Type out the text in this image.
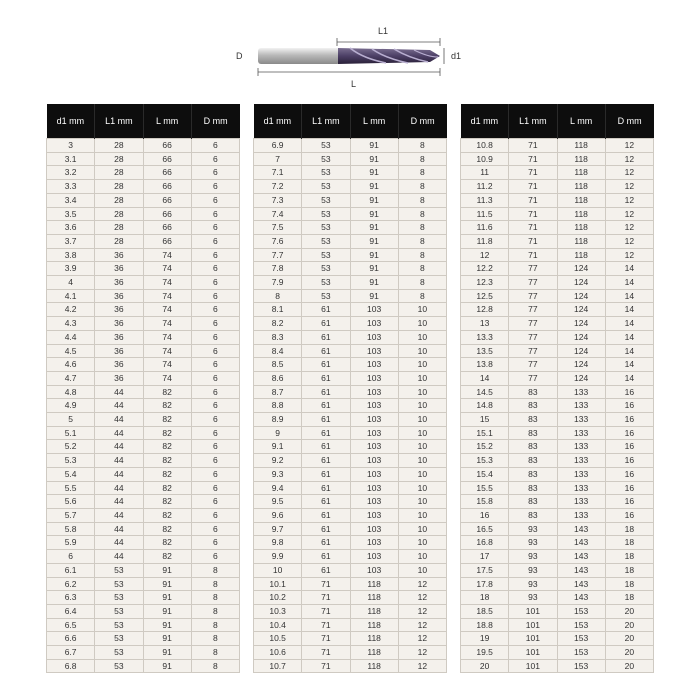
L1
D	d1
L
d1 mm	L1 mm	L mm	D mm
3	28	66	6
3.1	28	66	6
3.2	28	66	6
3.3	28	66	6
3.4	28	66	6
3.5	28	66	6
3.6	28	66	6
3.7	28	66	6
3.8	36	74	6
3.9	36	74	6
4	36	74	6
4.1	36	74	6
4.2	36	74	6
4.3	36	74	6
4.4	36	74	6
4.5	36	74	6
4.6	36	74	6
4.7	36	74	6
4.8	44	82	6
4.9	44	82	6
5	44	82	6
5.1	44	82	6
5.2	44	82	6
5.3	44	82	6
5.4	44	82	6
5.5	44	82	6
5.6	44	82	6
5.7	44	82	6
5.8	44	82	6
5.9	44	82	6
6	44	82	6
6.1	53	91	8
6.2	53	91	8
6.3	53	91	8
6.4	53	91	8
6.5	53	91	8
6.6	53	91	8
6.7	53	91	8
6.8	53	91	8
d1 mm	L1 mm	L mm	D mm
6.9	53	91	8
7	53	91	8
7.1	53	91	8
7.2	53	91	8
7.3	53	91	8
7.4	53	91	8
7.5	53	91	8
7.6	53	91	8
7.7	53	91	8
7.8	53	91	8
7.9	53	91	8
8	53	91	8
8.1	61	103	10
8.2	61	103	10
8.3	61	103	10
8.4	61	103	10
8.5	61	103	10
8.6	61	103	10
8.7	61	103	10
8.8	61	103	10
8.9	61	103	10
9	61	103	10
9.1	61	103	10
9.2	61	103	10
9.3	61	103	10
9.4	61	103	10
9.5	61	103	10
9.6	61	103	10
9.7	61	103	10
9.8	61	103	10
9.9	61	103	10
10	61	103	10
10.1	71	118	12
10.2	71	118	12
10.3	71	118	12
10.4	71	118	12
10.5	71	118	12
10.6	71	118	12
10.7	71	118	12
d1 mm	L1 mm	L mm	D mm
10.8	71	118	12
10.9	71	118	12
11	71	118	12
11.2	71	118	12
11.3	71	118	12
11.5	71	118	12
11.6	71	118	12
11.8	71	118	12
12	71	118	12
12.2	77	124	14
12.3	77	124	14
12.5	77	124	14
12.8	77	124	14
13	77	124	14
13.3	77	124	14
13.5	77	124	14
13.8	77	124	14
14	77	124	14
14.5	83	133	16
14.8	83	133	16
15	83	133	16
15.1	83	133	16
15.2	83	133	16
15.3	83	133	16
15.4	83	133	16
15.5	83	133	16
15.8	83	133	16
16	83	133	16
16.5	93	143	18
16.8	93	143	18
17	93	143	18
17.5	93	143	18
17.8	93	143	18
18	93	143	18
18.5	101	153	20
18.8	101	153	20
19	101	153	20
19.5	101	153	20
20	101	153	20
